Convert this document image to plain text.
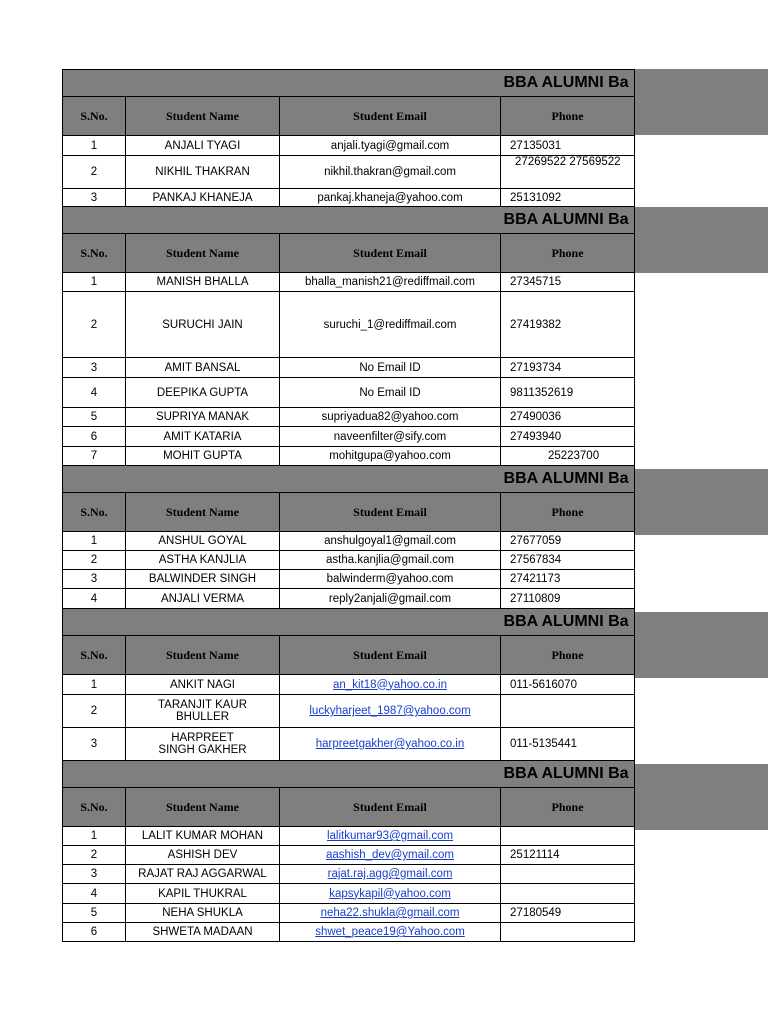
			BBA ALUMNI Ba
S.No.	Student Name	Student Email	Phone
1	ANJALI TYAGI	anjali.tyagi@gmail.com	27135031
2	NIKHIL THAKRAN	nikhil.thakran@gmail.com	27269522 27569522
3	PANKAJ KHANEJA	pankaj.khaneja@yahoo.com	25131092
			BBA ALUMNI Ba
S.No.	Student Name	Student Email	Phone
1	MANISH BHALLA	bhalla_manish21@rediffmail.com	27345715
2	SURUCHI JAIN	suruchi_1@rediffmail.com	27419382
3	AMIT BANSAL	No Email ID	27193734
4	DEEPIKA GUPTA	No Email ID	9811352619
5	SUPRIYA MANAK	supriyadua82@yahoo.com	27490036
6	AMIT KATARIA	naveenfilter@sify.com	27493940
7	MOHIT GUPTA	mohitgupa@yahoo.com	25223700
			BBA ALUMNI Ba
S.No.	Student Name	Student Email	Phone
1	ANSHUL GOYAL	anshulgoyal1@gmail.com	27677059
2	ASTHA KANJLIA	astha.kanjlia@gmail.com	27567834
3	BALWINDER SINGH	balwinderm@yahoo.com	27421173
4	ANJALI VERMA	reply2anjali@gmail.com	27110809
			BBA ALUMNI Ba
S.No.	Student Name	Student Email	Phone
1	ANKIT NAGI	an_kit18@yahoo.co.in	011-5616070
2	TARANJIT KAUR BHULLER	luckyharjeet_1987@yahoo.com	
3	HARPREET SINGH GAKHER	harpreetgakher@yahoo.co.in	011-5135441
			BBA ALUMNI Ba
S.No.	Student Name	Student Email	Phone
1	LALIT KUMAR MOHAN	lalitkumar93@gmail.com	
2	ASHISH DEV	aashish_dev@ymail.com	25121114
3	RAJAT RAJ AGGARWAL	rajat.raj.agg@gmail.com	
4	KAPIL THUKRAL	kapsykapil@yahoo.com	
5	NEHA SHUKLA	neha22.shukla@gmail.com	27180549
6	SHWETA MADAAN	shwet_peace19@Yahoo.com	
